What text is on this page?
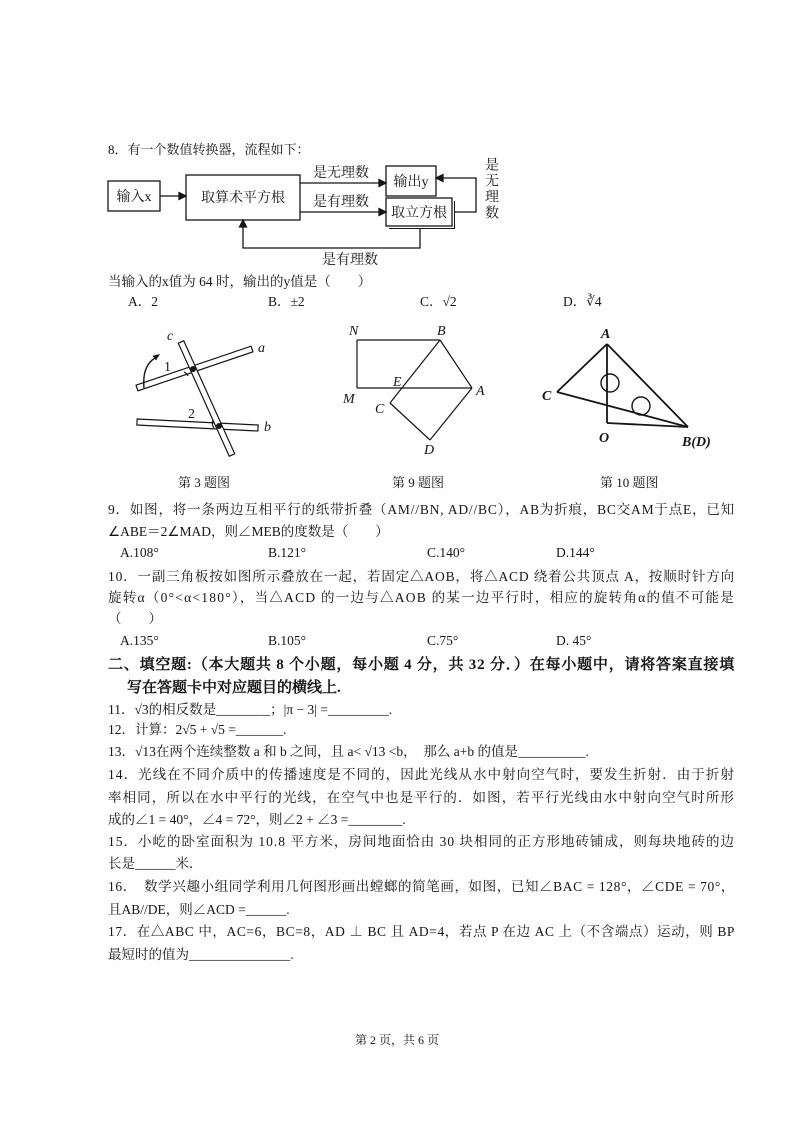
输入x	取算术平方根
输出y
取立方根
是无理数
是有理数
是有理数
c
a
1
2
b
N	B
E
A
M
C
D
A
C
O	B(D)
是无理数
8．有一个数值转换器，流程如下：
当输入的x值为 64 时，输出的y值是（　　）
A．2	B．±2	C．√2	D．∛4
第 3 题图	第 9 题图	第 10 题图
9．如图，将一条两边互相平行的纸带折叠（AM//BN, AD//BC），AB为折痕，BC交AM于点E，已知
∠ABE＝2∠MAD，则∠MEB的度数是（　　）
A.108°	B.121°	C.140°	D.144°
10．一副三角板按如图所示叠放在一起，若固定△AOB，将△ACD 绕着公共顶点 A，按顺时针方向
旋转α（0°<α<180°），当△ACD 的一边与△AOB 的某一边平行时，相应的旋转角α的值不可能是
（　　）
A.135°	B.105°	C.75°	D. 45°
二、填空题:（本大题共 8 个小题，每小题 4 分，共 32 分．）在每小题中，请将答案直接填
写在答题卡中对应题目的横线上.
11．√3的相反数是________；|π − 3| =_________.
12．计算：2√5 + √5 =_______.
13．√13在两个连续整数 a 和 b 之间，且 a< √13 <b，　那么 a+b 的值是__________.
14．光线在不同介质中的传播速度是不同的，因此光线从水中射向空气时，要发生折射．由于折射
率相同，所以在水中平行的光线，在空气中也是平行的．如图，若平行光线由水中射向空气时所形
成的∠1 = 40°，∠4 = 72°，则∠2 + ∠3 =________.
15．小屹的卧室面积为 10.8 平方米，房间地面恰由 30 块相同的正方形地砖铺成，则每块地砖的边
长是______米．
16．　数学兴趣小组同学利用几何图形画出螳螂的简笔画，如图，已知∠BAC = 128°，∠CDE = 70°，
且AB//DE，则∠ACD =______.
17．在△ABC 中，AC=6，BC=8，AD ⊥ BC 且 AD=4，若点 P 在边 AC 上（不含端点）运动，则 BP
最短时的值为_______________.
第 2 页，共 6 页
